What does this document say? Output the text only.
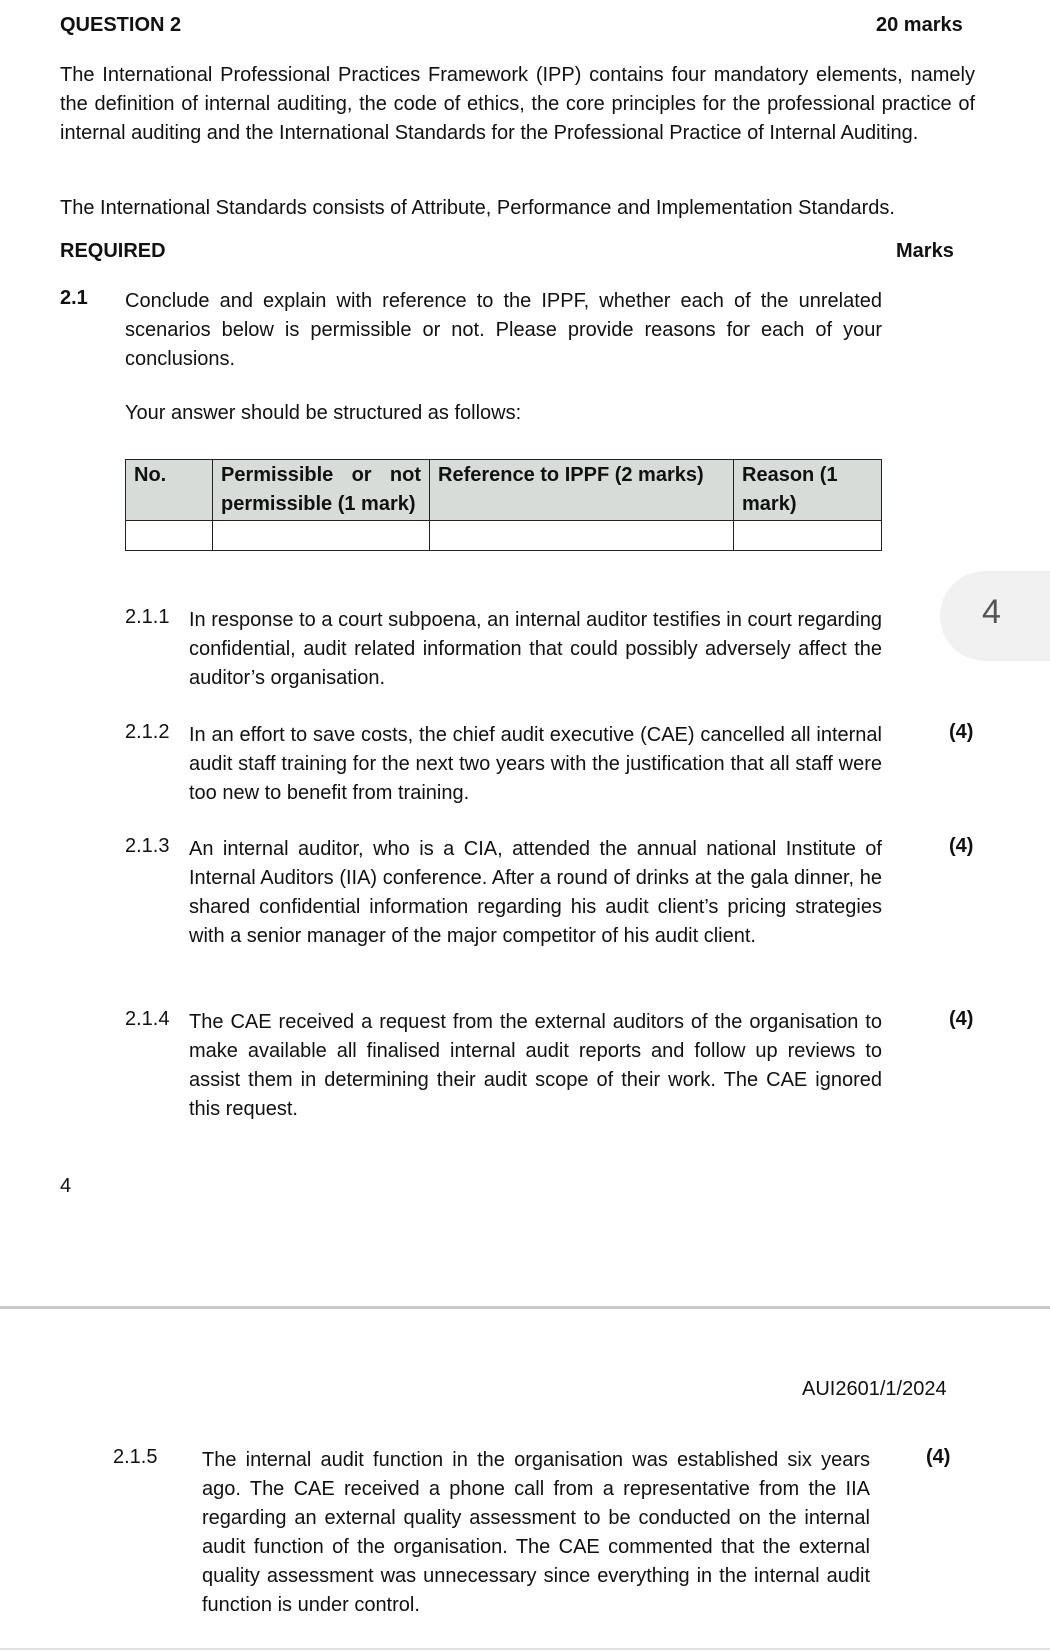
QUESTION 2	20 marks
The International Professional Practices Framework (IPP) contains four mandatory elements, namely the definition of internal auditing, the code of ethics, the core principles for the professional practice of internal auditing and the International Standards for the Professional Practice of Internal Auditing.
The International Standards consists of Attribute, Performance and Implementation Standards.
REQUIRED	Marks
2.1 Conclude and explain with reference to the IPPF, whether each of the unrelated scenarios below is permissible or not. Please provide reasons for each of your conclusions.
Your answer should be structured as follows:
No.	Permissible or not permissible (1 mark)	Reference to IPPF (2 marks)	Reason (1 mark)

4
2.1.1 In response to a court subpoena, an internal auditor testifies in court regarding confidential, audit related information that could possibly adversely affect the auditor’s organisation.
2.1.2 In an effort to save costs, the chief audit executive (CAE) cancelled all internal audit staff training for the next two years with the justification that all staff were too new to benefit from training.
(4)
2.1.3 An internal auditor, who is a CIA, attended the annual national Institute of Internal Auditors (IIA) conference. After a round of drinks at the gala dinner, he shared confidential information regarding his audit client’s pricing strategies with a senior manager of the major competitor of his audit client.
(4)
2.1.4 The CAE received a request from the external auditors of the organisation to make available all finalised internal audit reports and follow up reviews to assist them in determining their audit scope of their work. The CAE ignored this request.
(4)
4
AUI2601/1/2024
2.1.5 The internal audit function in the organisation was established six years ago. The CAE received a phone call from a representative from the IIA regarding an external quality assessment to be conducted on the internal audit function of the organisation. The CAE commented that the external quality assessment was unnecessary since everything in the internal audit function is under control.
(4)
